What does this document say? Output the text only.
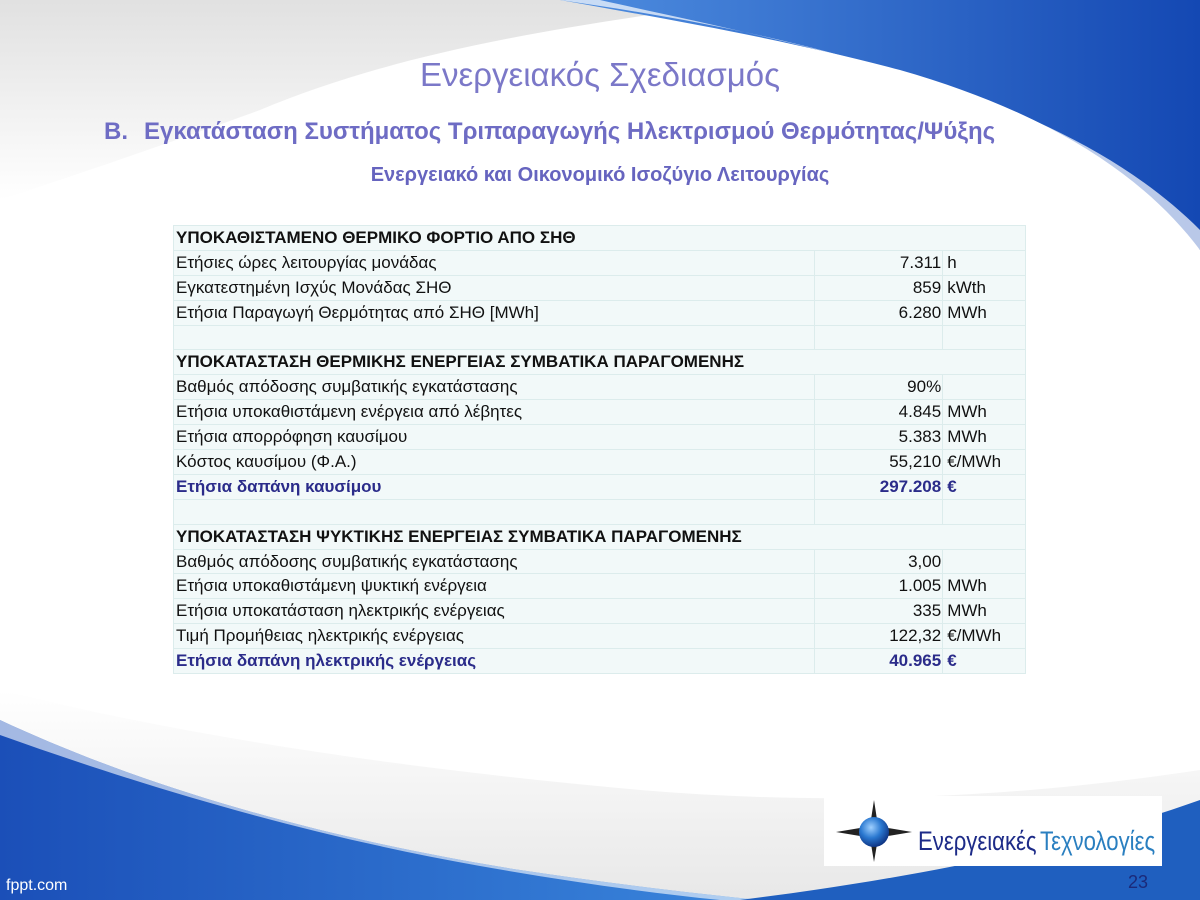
Ενεργειακός Σχεδιασμός
Β. Εγκατάσταση Συστήματος Τριπαραγωγής Ηλεκτρισμού Θερμότητας/Ψύξης
Ενεργειακό και Οικονομικό Ισοζύγιο Λειτουργίας
ΥΠΟΚΑΘΙΣΤΑΜΕΝΟ ΘΕΡΜΙΚΟ ΦΟΡΤΙΟ ΑΠΟ ΣΗΘ		
Ετήσιες ώρες λειτουργίας μονάδας	7.311	h
Εγκατεστημένη Ισχύς Μονάδας ΣΗΘ	859	kWth
Ετήσια Παραγωγή Θερμότητας από ΣΗΘ [MWh]	6.280	MWh

ΥΠΟΚΑΤΑΣΤΑΣΗ ΘΕΡΜΙΚΗΣ ΕΝΕΡΓΕΙΑΣ ΣΥΜΒΑΤΙΚΑ ΠΑΡΑΓΟΜΕΝΗΣ		
Βαθμός απόδοσης συμβατικής εγκατάστασης	90%	
Ετήσια υποκαθιστάμενη ενέργεια από λέβητες	4.845	MWh
Ετήσια απορρόφηση καυσίμου	5.383	MWh
Κόστος καυσίμου (Φ.Α.)	55,210	€/MWh
Ετήσια δαπάνη καυσίμου	297.208	€

ΥΠΟΚΑΤΑΣΤΑΣΗ ΨΥΚΤΙΚΗΣ ΕΝΕΡΓΕΙΑΣ ΣΥΜΒΑΤΙΚΑ ΠΑΡΑΓΟΜΕΝΗΣ		
Βαθμός απόδοσης συμβατικής εγκατάστασης	3,00	
Ετήσια υποκαθιστάμενη ψυκτική ενέργεια	1.005	MWh
Ετήσια υποκατάσταση ηλεκτρικής ενέργειας	335	MWh
Τιμή Προμήθειας ηλεκτρικής ενέργειας	122,32	€/MWh
Ετήσια δαπάνη ηλεκτρικής ενέργειας	40.965	€
Ενεργειακές Τεχνολογίες
fppt.com	23
